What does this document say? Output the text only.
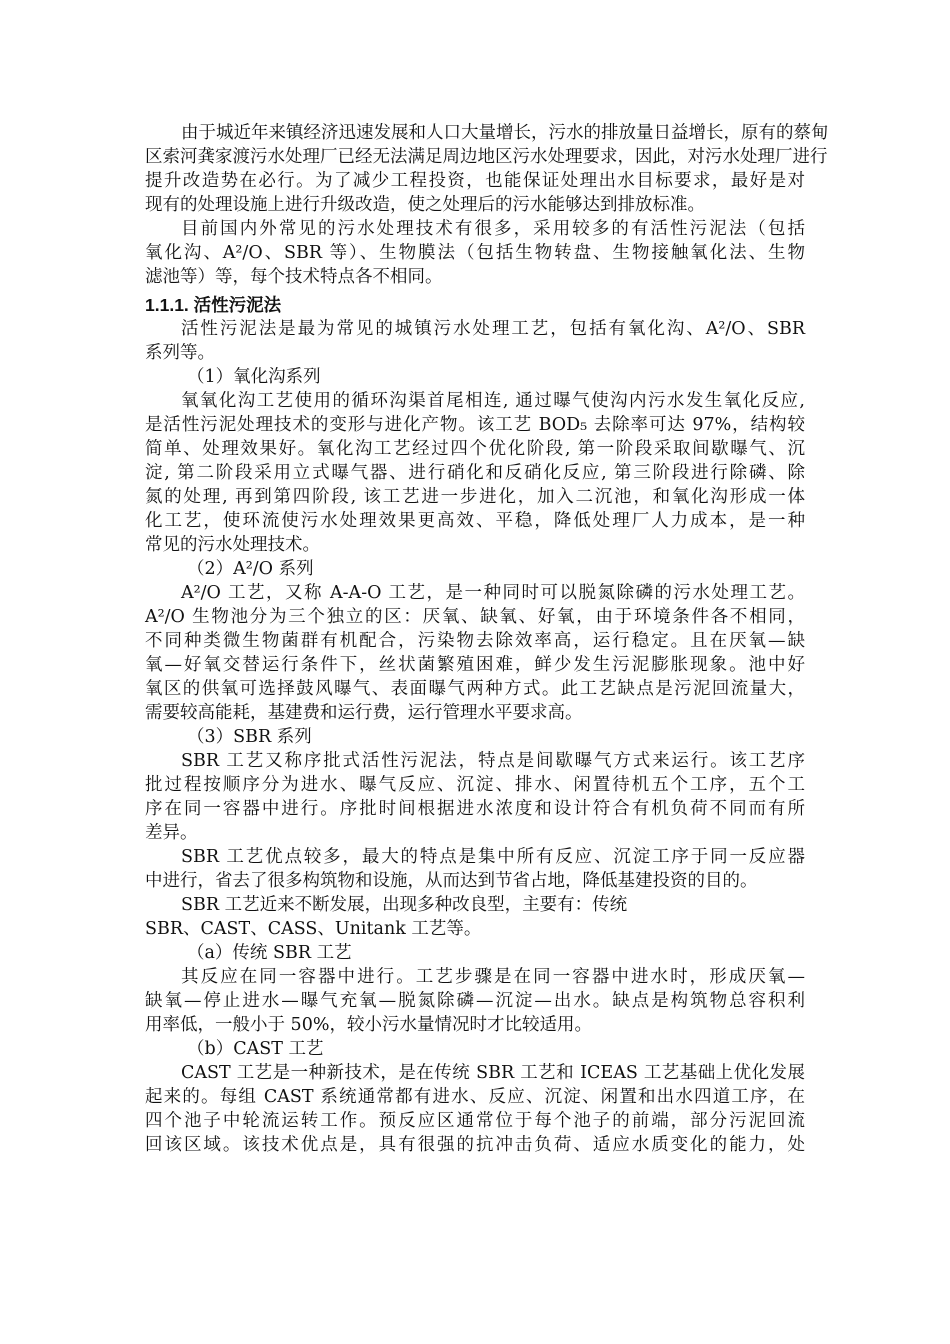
由于城近年来镇经济迅速发展和人口大量增长，污水的排放量日益增长，原有的蔡甸
区索河龚家渡污水处理厂已经无法满足周边地区污水处理要求，因此，对污水处理厂进行
提升改造势在必行。为了减少工程投资，也能保证处理出水目标要求，最好是对
现有的处理设施上进行升级改造，使之处理后的污水能够达到排放标准。
目前国内外常见的污水处理技术有很多，采用较多的有活性污泥法（包括
氧化沟、A²/O、SBR 等）、生物膜法（包括生物转盘、生物接触氧化法、生物
滤池等）等，每个技术特点各不相同。
1.1.1. 活性污泥法
活性污泥法是最为常见的城镇污水处理工艺，包括有氧化沟、A²/O、SBR
系列等。
（1）氧化沟系列
氧氧化沟工艺使用的循环沟渠首尾相连, 通过曝气使沟内污水发生氧化反应,
是活性污泥处理技术的变形与进化产物。该工艺 BOD₅ 去除率可达 97%，结构较
简单、处理效果好。氧化沟工艺经过四个优化阶段, 第一阶段采取间歇曝气、沉
淀, 第二阶段采用立式曝气器、进行硝化和反硝化反应, 第三阶段进行除磷、除
氮的处理, 再到第四阶段, 该工艺进一步进化，加入二沉池，和氧化沟形成一体
化工艺，使环流使污水处理效果更高效、平稳，降低处理厂人力成本，是一种
常见的污水处理技术。
（2）A²/O 系列
A²/O 工艺，又称 A-A-O 工艺，是一种同时可以脱氮除磷的污水处理工艺。
A²/O 生物池分为三个独立的区：厌氧、缺氧、好氧，由于环境条件各不相同，
不同种类微生物菌群有机配合，污染物去除效率高，运行稳定。且在厌氧—缺
氧—好氧交替运行条件下，丝状菌繁殖困难，鲜少发生污泥膨胀现象。池中好
氧区的供氧可选择鼓风曝气、表面曝气两种方式。此工艺缺点是污泥回流量大，
需要较高能耗，基建费和运行费，运行管理水平要求高。
（3）SBR 系列
SBR 工艺又称序批式活性污泥法，特点是间歇曝气方式来运行。该工艺序
批过程按顺序分为进水、曝气反应、沉淀、排水、闲置待机五个工序，五个工
序在同一容器中进行。序批时间根据进水浓度和设计符合有机负荷不同而有所
差异。
SBR 工艺优点较多，最大的特点是集中所有反应、沉淀工序于同一反应器
中进行，省去了很多构筑物和设施，从而达到节省占地，降低基建投资的目的。
SBR 工艺近来不断发展，出现多种改良型，主要有：传统
SBR、CAST、CASS、Unitank 工艺等。
（a）传统 SBR 工艺
其反应在同一容器中进行。工艺步骤是在同一容器中进水时，形成厌氧—
缺氧—停止进水—曝气充氧—脱氮除磷—沉淀—出水。缺点是构筑物总容积利
用率低，一般小于 50%，较小污水量情况时才比较适用。
（b）CAST 工艺
CAST 工艺是一种新技术，是在传统 SBR 工艺和 ICEAS 工艺基础上优化发展
起来的。每组 CAST 系统通常都有进水、反应、沉淀、闲置和出水四道工序，在
四个池子中轮流运转工作。预反应区通常位于每个池子的前端，部分污泥回流
回该区域。该技术优点是，具有很强的抗冲击负荷、适应水质变化的能力，处
